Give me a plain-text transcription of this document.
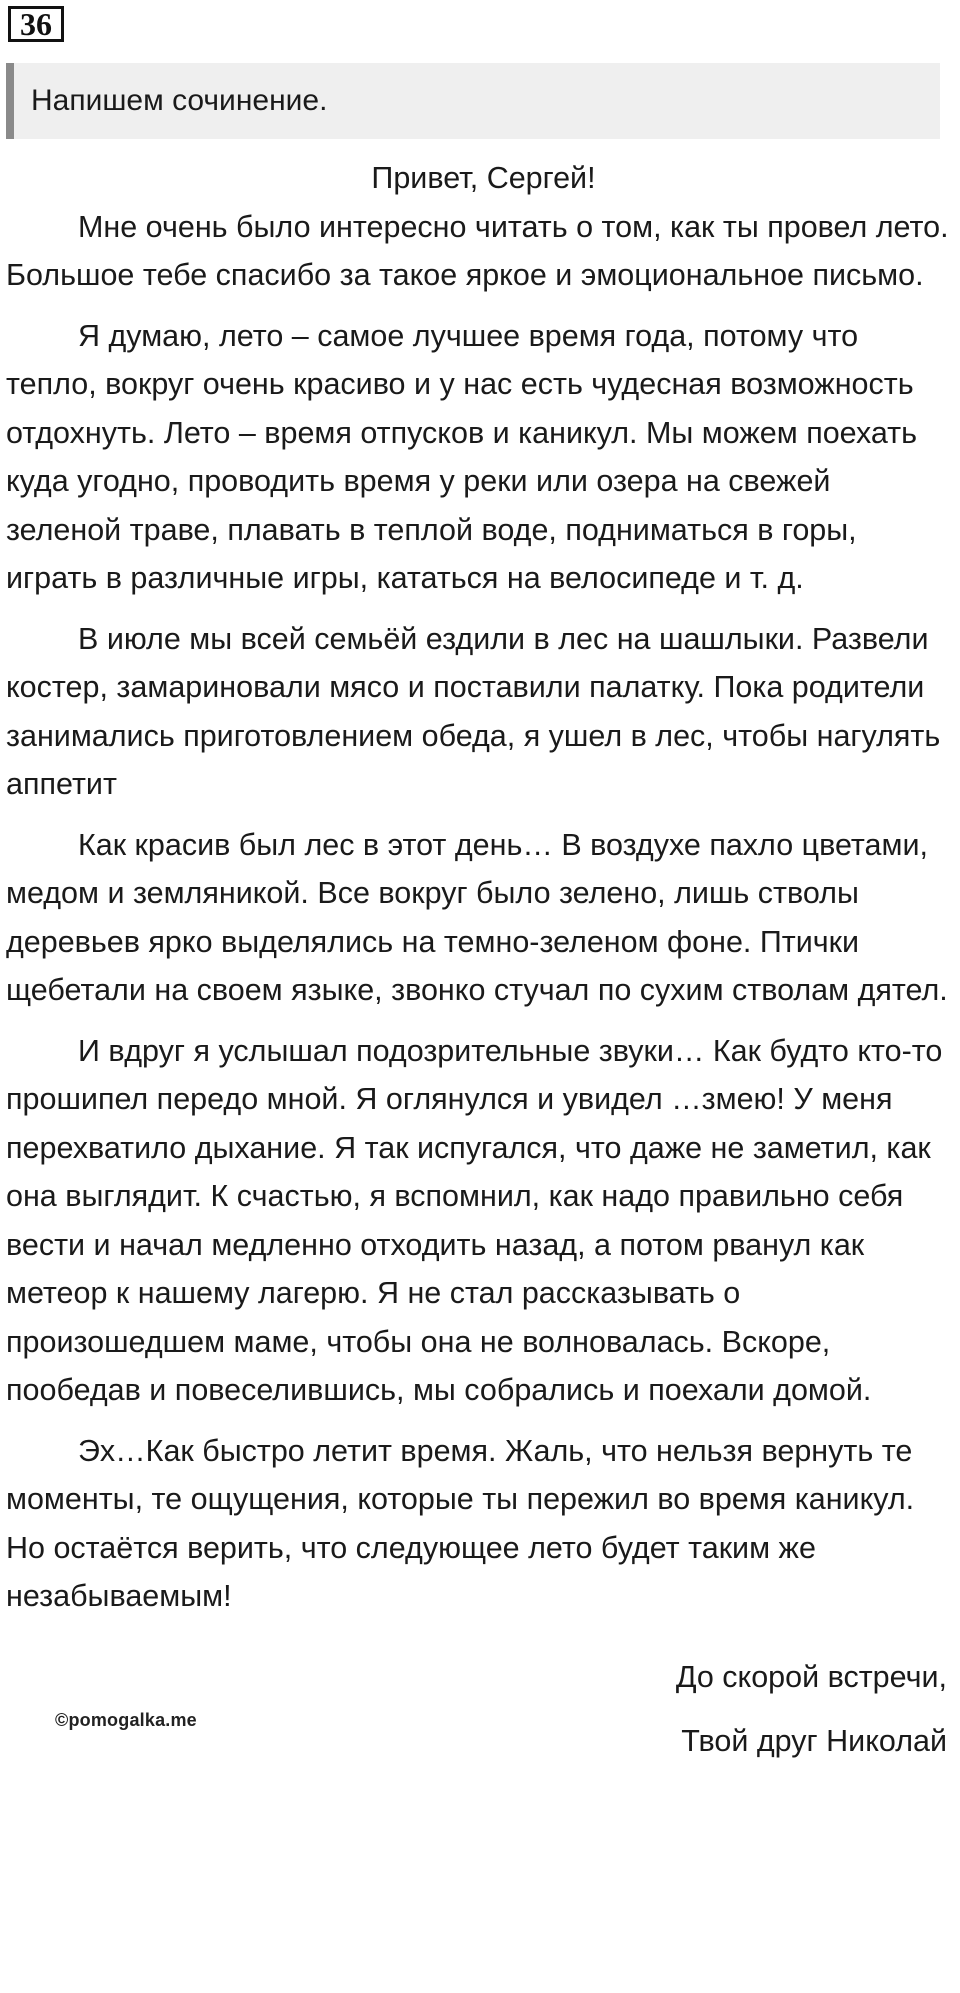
36
Напишем сочинение.

Привет, Сергей!

Мне очень было интересно читать о том, как ты провел лето. Большое тебе спасибо за такое яркое и эмоциональное письмо.

Я думаю, лето – самое лучшее время года, потому что тепло, вокруг очень красиво и у нас есть чудесная возможность отдохнуть. Лето – время отпусков и каникул. Мы можем поехать куда угодно, проводить время у реки или озера на свежей зеленой траве, плавать в теплой воде, подниматься в горы, играть в различные игры, кататься на велосипеде и т. д.

В июле мы всей семьёй ездили в лес на шашлыки. Развели костер, замариновали мясо и поставили палатку. Пока родители занимались приготовлением обеда, я ушел в лес, чтобы нагулять аппетит

Как красив был лес в этот день… В воздухе пахло цветами, медом и земляникой. Все вокруг было зелено, лишь стволы деревьев ярко выделялись на темно-зеленом фоне. Птички щебетали на своем языке, звонко стучал по сухим стволам дятел.

И вдруг я услышал подозрительные звуки… Как будто кто-то прошипел передо мной. Я оглянулся и увидел …змею! У меня перехватило дыхание. Я так испугался, что даже не заметил, как она выглядит. К счастью, я вспомнил, как надо правильно себя вести и начал медленно отходить назад, а потом рванул как метеор к нашему лагерю. Я не стал рассказывать о произошедшем маме, чтобы она не волновалась. Вскоре, пообедав и повеселившись, мы собрались и поехали домой.

Эх…Как быстро летит время. Жаль, что нельзя вернуть те моменты, те ощущения, которые ты пережил во время каникул. Но остаётся верить, что следующее лето будет таким же незабываемым!

До скорой встречи,

Твой друг Николай

©pomogalka.me
